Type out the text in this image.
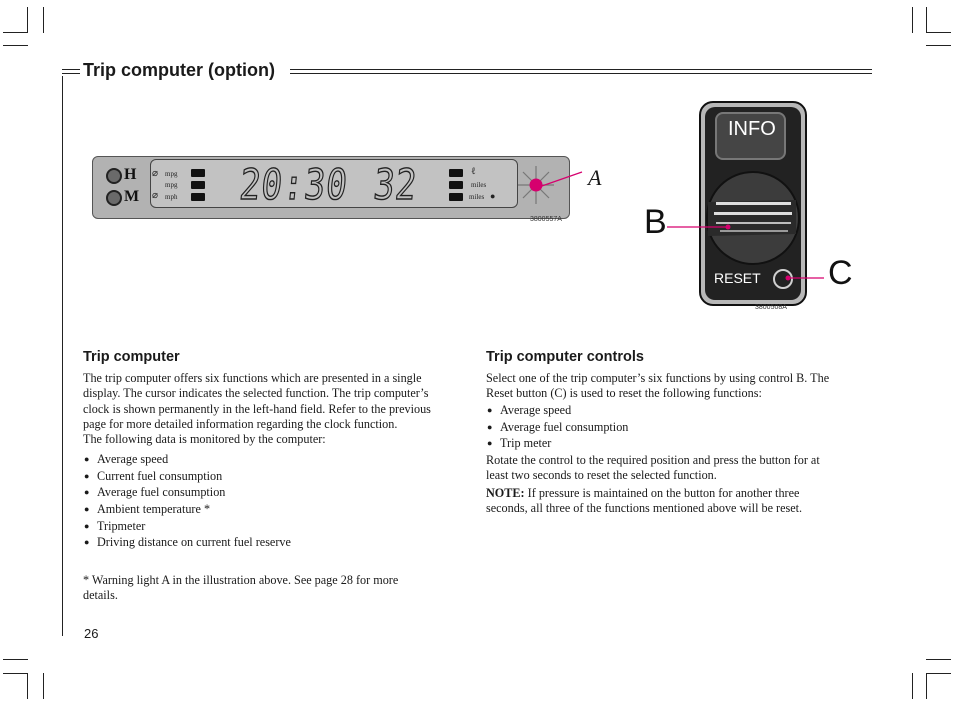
Trip computer (option)
H
M
⌀ mpg
mpg
⌀ mph 20:30 32	ℓ
miles
miles ●
A
3800557A
INFO
RESET
B
C
3800508A
Trip computer
The trip computer offers six functions which are presented in a single
display. The cursor indicates the selected function. The trip computer’s
clock is shown permanently in the left-hand field. Refer to the previous
page for more detailed information regarding the clock function.
The following data is monitored by the computer:
● Average speed
● Current fuel consumption
● Average fuel consumption
● Ambient temperature *
● Tripmeter
● Driving distance on current fuel reserve
* Warning light A in the illustration above. See page 28 for more
details.
Trip computer controls
Select one of the trip computer’s six functions by using control B. The
Reset button (C) is used to reset the following functions:
● Average speed
● Average fuel consumption
● Trip meter
Rotate the control to the required position and press the button for at
least two seconds to reset the selected function.
NOTE: If pressure is maintained on the button for another three
seconds, all three of the functions mentioned above will be reset.
26
